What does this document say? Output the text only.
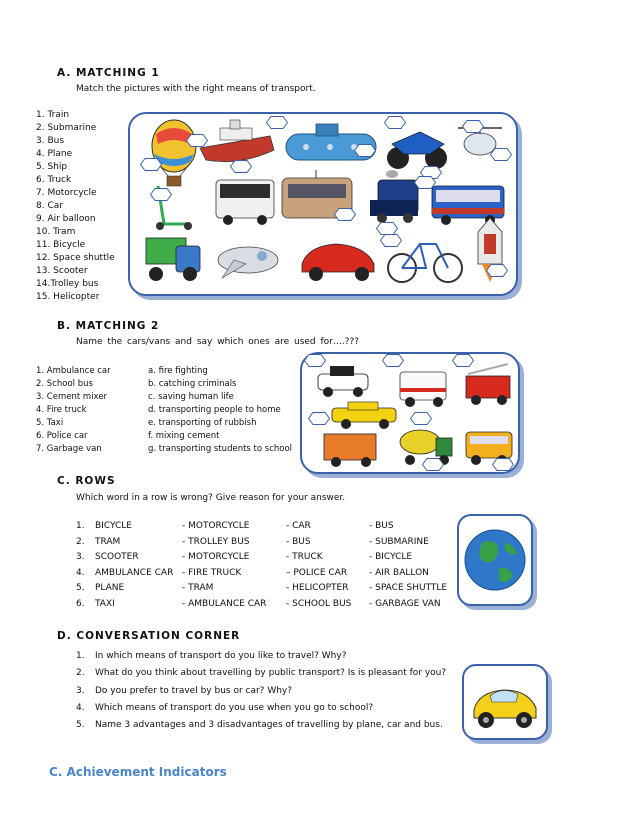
A. MATCHING 1
Match the pictures with the right means of transport.
1. Train
2. Submarine
3. Bus
4. Plane
5. Ship
6. Truck
7. Motorcycle
8. Car
9. Air balloon
10. Tram
11. Bicycle
12. Space shuttle
13. Scooter
14.Trolley bus
15. Helicopter
B. MATCHING 2
Name the cars/vans and say which ones are used for….???
1. Ambulance car
2. School bus
3. Cement mixer
4. Fire truck
5. Taxi
6. Police car
7. Garbage van
a. fire fighting
b. catching criminals
c. saving human life
d. transporting people to home
e. transporting of rubbish
f. mixing cement
g. transporting students to school
C. ROWS
Which word in a row is wrong? Give reason for your answer.
1.	BICYCLE	- MOTORCYCLE	- CAR	- BUS
2.	TRAM	- TROLLEY BUS	- BUS	- SUBMARINE
3.	SCOOTER	- MOTORCYCLE	- TRUCK	- BICYCLE
4.	AMBULANCE CAR	- FIRE TRUCK	– POLICE CAR	- AIR BALLON
5.	PLANE	- TRAM	- HELICOPTER	- SPACE SHUTTLE
6.	TAXI	- AMBULANCE CAR	- SCHOOL BUS	- GARBAGE VAN
D. CONVERSATION CORNER
1. In which means of transport do you like to travel? Why?
2. What do you think about travelling by public transport? Is is pleasant for you?
3. Do you prefer to travel by bus or car? Why?
4. Which means of transport do you use when you go to school?
5. Name 3 advantages and 3 disadvantages of travelling by plane, car and bus.
C. Achievement Indicators
